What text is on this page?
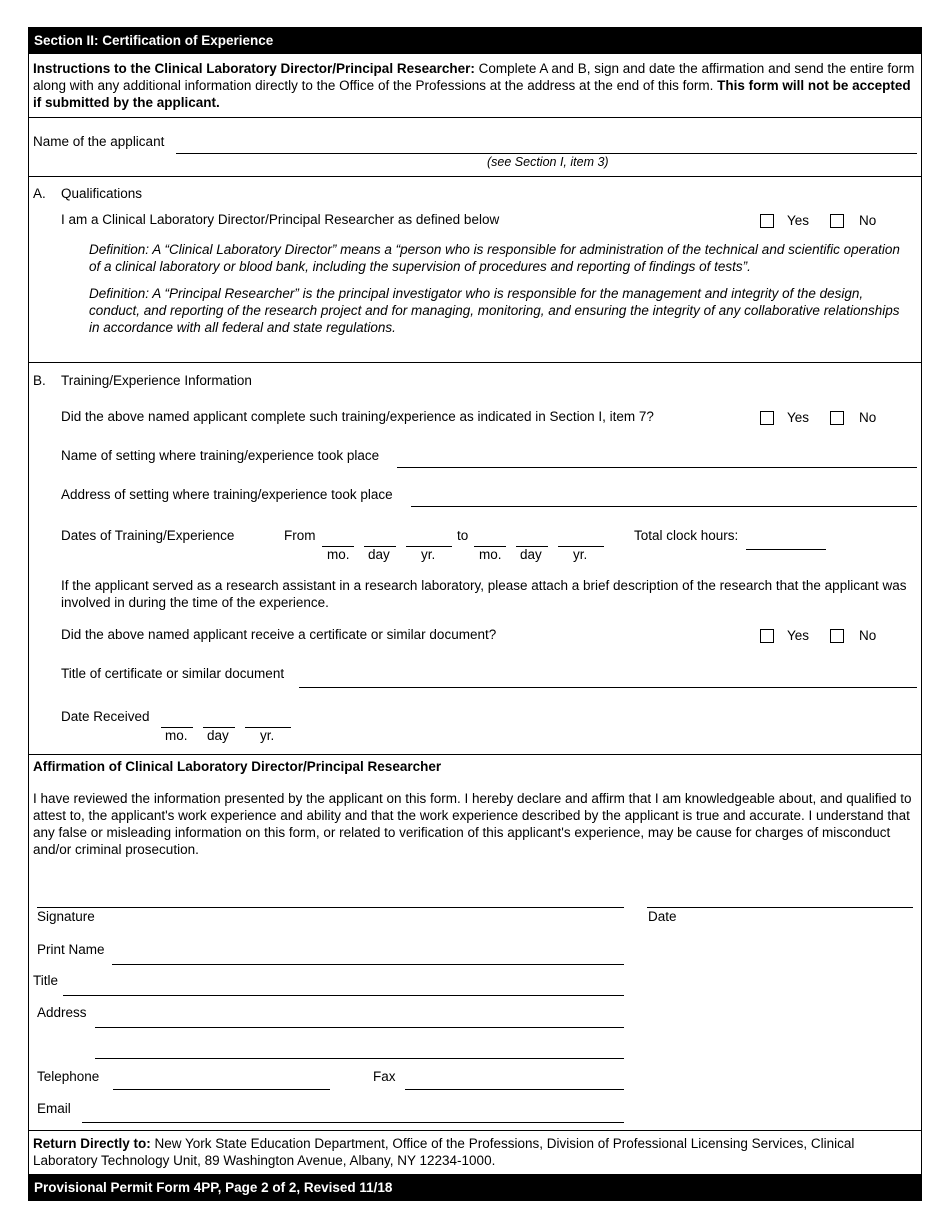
Section II: Certification of Experience
Instructions to the Clinical Laboratory Director/Principal Researcher: Complete A and B, sign and date the affirmation and send the entire form along with any additional information directly to the Office of the Professions at the address at the end of this form. This form will not be accepted if submitted by the applicant.
Name of the applicant
(see Section I, item 3)
A. Qualifications
I am a Clinical Laboratory Director/Principal Researcher as defined below	Yes	No
Definition: A “Clinical Laboratory Director” means a “person who is responsible for administration of the technical and scientific operation of a clinical laboratory or blood bank, including the supervision of procedures and reporting of findings of tests”.
Definition: A “Principal Researcher” is the principal investigator who is responsible for the management and integrity of the design, conduct, and reporting of the research project and for managing, monitoring, and ensuring the integrity of any collaborative relationships in accordance with all federal and state regulations.
B. Training/Experience Information
Did the above named applicant complete such training/experience as indicated in Section I, item 7?	Yes	No
Name of setting where training/experience took place
Address of setting where training/experience took place
Dates of Training/Experience	From
mo. day yr.
to
mo. day yr.
Total clock hours:
If the applicant served as a research assistant in a research laboratory, please attach a brief description of the research that the applicant was involved in during the time of the experience.
Did the above named applicant receive a certificate or similar document?	Yes	No
Title of certificate or similar document
Date Received
mo. day yr.
Affirmation of Clinical Laboratory Director/Principal Researcher
I have reviewed the information presented by the applicant on this form. I hereby declare and affirm that I am knowledgeable about, and qualified to attest to, the applicant's work experience and ability and that the work experience described by the applicant is true and accurate. I understand that any false or misleading information on this form, or related to verification of this applicant's experience, may be cause for charges of misconduct and/or criminal prosecution.
Signature	Date
Print Name
Title
Address
Telephone	Fax
Email
Return Directly to: New York State Education Department, Office of the Professions, Division of Professional Licensing Services, Clinical Laboratory Technology Unit, 89 Washington Avenue, Albany, NY 12234-1000.
Provisional Permit Form 4PP, Page 2 of 2, Revised 11/18
